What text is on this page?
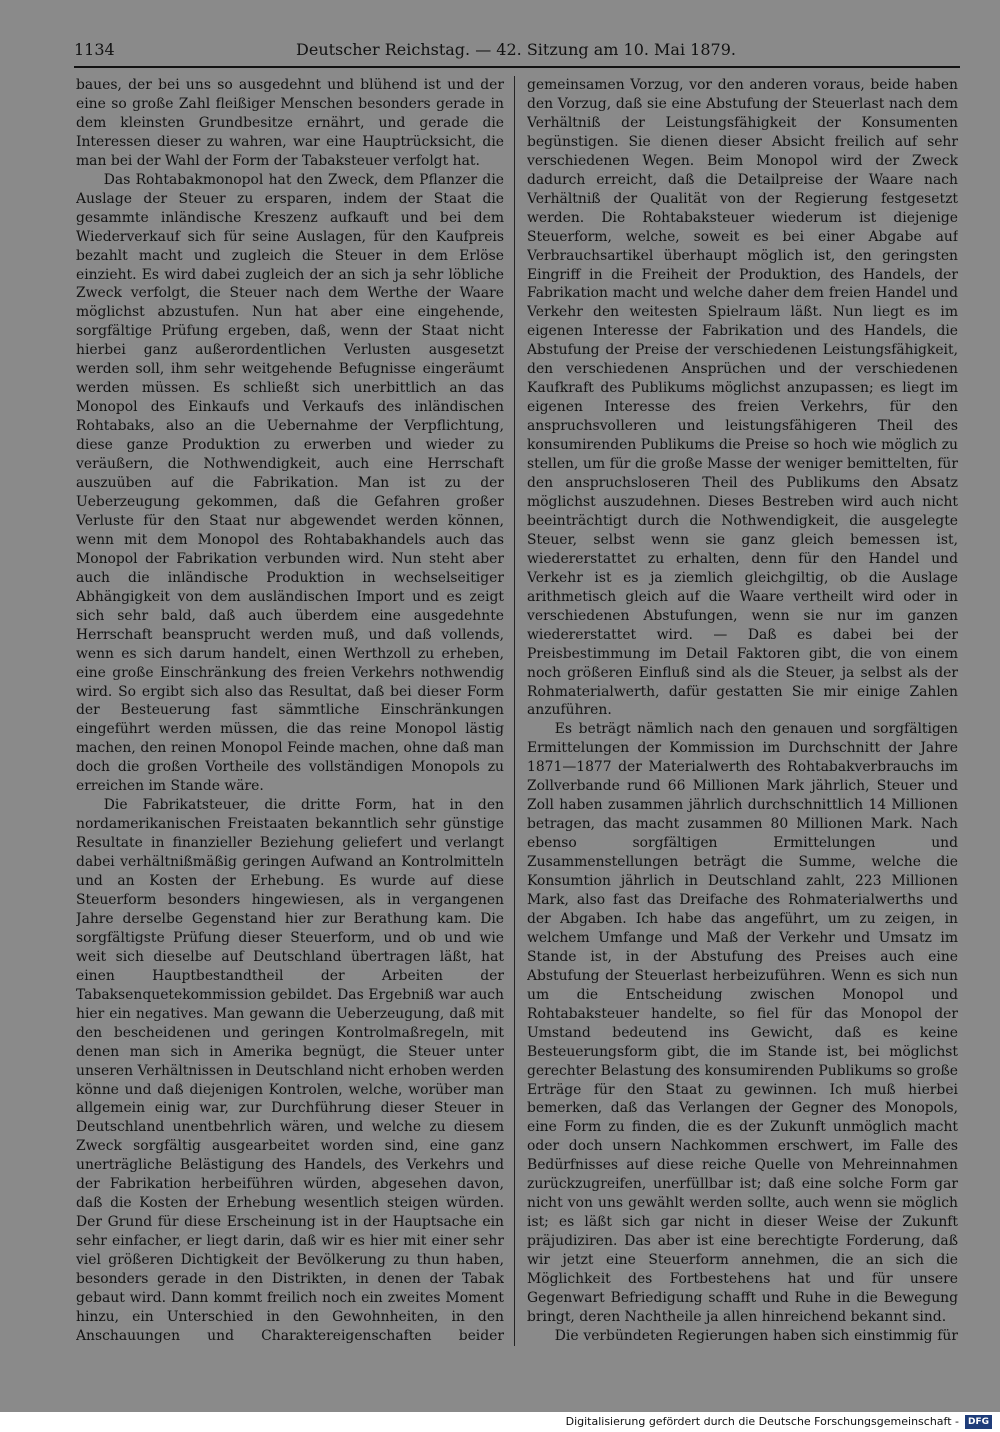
1134	Deutscher Reichstag. — 42. Sitzung am 10. Mai 1879.

baues, der bei uns so ausgedehnt und blühend ist und der eine so große Zahl fleißiger Menschen besonders gerade in dem kleinsten Grundbesitze ernährt, und gerade die Interessen dieser zu wahren, war eine Hauptrücksicht, die man bei der Wahl der Form der Tabaksteuer verfolgt hat.

Das Rohtabakmonopol hat den Zweck, dem Pflanzer die Auslage der Steuer zu ersparen, indem der Staat die gesammte inländische Kreszenz aufkauft und bei dem Wiederverkauf sich für seine Auslagen, für den Kaufpreis bezahlt macht und zugleich die Steuer in dem Erlöse einzieht. Es wird dabei zugleich der an sich ja sehr löbliche Zweck verfolgt, die Steuer nach dem Werthe der Waare möglichst abzustufen. Nun hat aber eine eingehende, sorgfältige Prüfung ergeben, daß, wenn der Staat nicht hierbei ganz außerordentlichen Verlusten ausgesetzt werden soll, ihm sehr weitgehende Befugnisse eingeräumt werden müssen. Es schließt sich unerbittlich an das Monopol des Einkaufs und Verkaufs des inländischen Rohtabaks, also an die Uebernahme der Verpflichtung, diese ganze Produktion zu erwerben und wieder zu veräußern, die Nothwendigkeit, auch eine Herrschaft auszuüben auf die Fabrikation. Man ist zu der Ueberzeugung gekommen, daß die Gefahren großer Verluste für den Staat nur abgewendet werden können, wenn mit dem Monopol des Rohtabakhandels auch das Monopol der Fabrikation verbunden wird. Nun steht aber auch die inländische Produktion in wechselseitiger Abhängigkeit von dem ausländischen Import und es zeigt sich sehr bald, daß auch überdem eine ausgedehnte Herrschaft beansprucht werden muß, und daß vollends, wenn es sich darum handelt, einen Werthzoll zu erheben, eine große Einschränkung des freien Verkehrs nothwendig wird. So ergibt sich also das Resultat, daß bei dieser Form der Besteuerung fast sämmtliche Einschränkungen eingeführt werden müssen, die das reine Monopol lästig machen, den reinen Monopol Feinde machen, ohne daß man doch die großen Vortheile des vollständigen Monopols zu erreichen im Stande wäre.

Die Fabrikatsteuer, die dritte Form, hat in den nordamerikanischen Freistaaten bekanntlich sehr günstige Resultate in finanzieller Beziehung geliefert und verlangt dabei verhältnißmäßig geringen Aufwand an Kontrolmitteln und an Kosten der Erhebung. Es wurde auf diese Steuerform besonders hingewiesen, als in vergangenen Jahre derselbe Gegenstand hier zur Berathung kam. Die sorgfältigste Prüfung dieser Steuerform, und ob und wie weit sich dieselbe auf Deutschland übertragen läßt, hat einen Hauptbestandtheil der Arbeiten der Tabaksenquetekommission gebildet. Das Ergebniß war auch hier ein negatives. Man gewann die Ueberzeugung, daß mit den bescheidenen und geringen Kontrolmaßregeln, mit denen man sich in Amerika begnügt, die Steuer unter unseren Verhältnissen in Deutschland nicht erhoben werden könne und daß diejenigen Kontrolen, welche, worüber man allgemein einig war, zur Durchführung dieser Steuer in Deutschland unentbehrlich wären, und welche zu diesem Zweck sorgfältig ausgearbeitet worden sind, eine ganz unerträgliche Belästigung des Handels, des Verkehrs und der Fabrikation herbeiführen würden, abgesehen davon, daß die Kosten der Erhebung wesentlich steigen würden. Der Grund für diese Erscheinung ist in der Hauptsache ein sehr einfacher, er liegt darin, daß wir es hier mit einer sehr viel größeren Dichtigkeit der Bevölkerung zu thun haben, besonders gerade in den Distrikten, in denen der Tabak gebaut wird. Dann kommt freilich noch ein zweites Moment hinzu, ein Unterschied in den Gewohnheiten, in den Anschauungen und Charaktereigenschaften beider

gemeinsamen Vorzug, vor den anderen voraus, beide haben den Vorzug, daß sie eine Abstufung der Steuerlast nach dem Verhältniß der Leistungsfähigkeit der Konsumenten begünstigen. Sie dienen dieser Absicht freilich auf sehr verschiedenen Wegen. Beim Monopol wird der Zweck dadurch erreicht, daß die Detailpreise der Waare nach Verhältniß der Qualität von der Regierung festgesetzt werden. Die Rohtabaksteuer wiederum ist diejenige Steuerform, welche, soweit es bei einer Abgabe auf Verbrauchsartikel überhaupt möglich ist, den geringsten Eingriff in die Freiheit der Produktion, des Handels, der Fabrikation macht und welche daher dem freien Handel und Verkehr den weitesten Spielraum läßt. Nun liegt es im eigenen Interesse der Fabrikation und des Handels, die Abstufung der Preise der verschiedenen Leistungsfähigkeit, den verschiedenen Ansprüchen und der verschiedenen Kaufkraft des Publikums möglichst anzupassen; es liegt im eigenen Interesse des freien Verkehrs, für den anspruchsvolleren und leistungsfähigeren Theil des konsumirenden Publikums die Preise so hoch wie möglich zu stellen, um für die große Masse der weniger bemittelten, für den anspruchsloseren Theil des Publikums den Absatz möglichst auszudehnen. Dieses Bestreben wird auch nicht beeinträchtigt durch die Nothwendigkeit, die ausgelegte Steuer, selbst wenn sie ganz gleich bemessen ist, wiedererstattet zu erhalten, denn für den Handel und Verkehr ist es ja ziemlich gleichgiltig, ob die Auslage arithmetisch gleich auf die Waare vertheilt wird oder in verschiedenen Abstufungen, wenn sie nur im ganzen wiedererstattet wird. — Daß es dabei bei der Preisbestimmung im Detail Faktoren gibt, die von einem noch größeren Einfluß sind als die Steuer, ja selbst als der Rohmaterialwerth, dafür gestatten Sie mir einige Zahlen anzuführen.

Es beträgt nämlich nach den genauen und sorgfältigen Ermittelungen der Kommission im Durchschnitt der Jahre 1871—1877 der Materialwerth des Rohtabakverbrauchs im Zollverbande rund 66 Millionen Mark jährlich, Steuer und Zoll haben zusammen jährlich durchschnittlich 14 Millionen betragen, das macht zusammen 80 Millionen Mark. Nach ebenso sorgfältigen Ermittelungen und Zusammenstellungen beträgt die Summe, welche die Konsumtion jährlich in Deutschland zahlt, 223 Millionen Mark, also fast das Dreifache des Rohmaterialwerths und der Abgaben. Ich habe das angeführt, um zu zeigen, in welchem Umfange und Maß der Verkehr und Umsatz im Stande ist, in der Abstufung des Preises auch eine Abstufung der Steuerlast herbeizuführen. Wenn es sich nun um die Entscheidung zwischen Monopol und Rohtabaksteuer handelte, so fiel für das Monopol der Umstand bedeutend ins Gewicht, daß es keine Besteuerungsform gibt, die im Stande ist, bei möglichst gerechter Belastung des konsumirenden Publikums so große Erträge für den Staat zu gewinnen. Ich muß hierbei bemerken, daß das Verlangen der Gegner des Monopols, eine Form zu finden, die es der Zukunft unmöglich macht oder doch unsern Nachkommen erschwert, im Falle des Bedürfnisses auf diese reiche Quelle von Mehreinnahmen zurückzugreifen, unerfüllbar ist; daß eine solche Form gar nicht von uns gewählt werden sollte, auch wenn sie möglich ist; es läßt sich gar nicht in dieser Weise der Zukunft präjudiziren. Das aber ist eine berechtigte Forderung, daß wir jetzt eine Steuerform annehmen, die an sich die Möglichkeit des Fortbestehens hat und für unsere Gegenwart Befriedigung schafft und Ruhe in die Bewegung bringt, deren Nachtheile ja allen hinreichend bekannt sind.

Die verbündeten Regierungen haben sich einstimmig für

Digitalisierung gefördert durch die Deutsche Forschungsgemeinschaft -	DFG
